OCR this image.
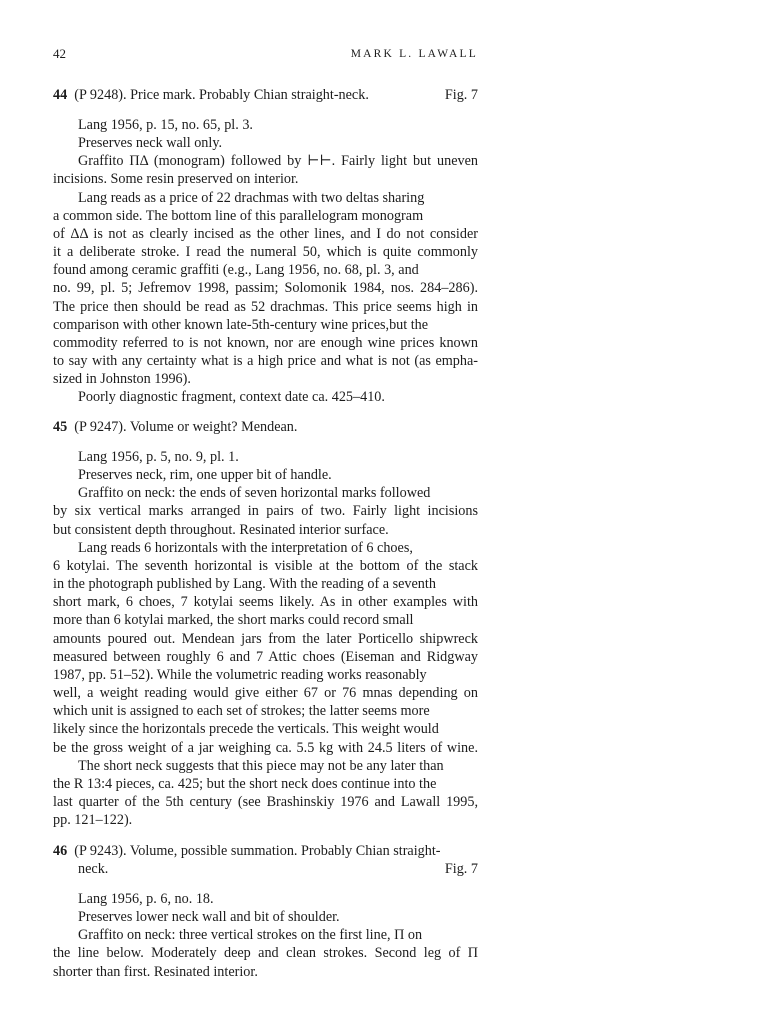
42	MARK L. LAWALL
44 (P 9248). Price mark. Probably Chian straight-neck.	Fig. 7
Lang 1956, p. 15, no. 65, pl. 3.
Preserves neck wall only.
Graffito ΠΔ (monogram) followed by ⊢⊢. Fairly light but uneven
incisions. Some resin preserved on interior.
Lang reads as a price of 22 drachmas with two deltas sharing
a common side. The bottom line of this parallelogram monogram
of ΔΔ is not as clearly incised as the other lines, and I do not consider
it a deliberate stroke. I read the numeral 50, which is quite commonly
found among ceramic graffiti (e.g., Lang 1956, no. 68, pl. 3, and
no. 99, pl. 5; Jefremov 1998, passim; Solomonik 1984, nos. 284–286).
The price then should be read as 52 drachmas. This price seems high in
comparison with other known late-5th-century wine prices,but the
commodity referred to is not known, nor are enough wine prices known
to say with any certainty what is a high price and what is not (as empha-
sized in Johnston 1996).
Poorly diagnostic fragment, context date ca. 425–410.
45 (P 9247). Volume or weight? Mendean.
Lang 1956, p. 5, no. 9, pl. 1.
Preserves neck, rim, one upper bit of handle.
Graffito on neck: the ends of seven horizontal marks followed
by six vertical marks arranged in pairs of two. Fairly light incisions
but consistent depth throughout. Resinated interior surface.
Lang reads 6 horizontals with the interpretation of 6 choes,
6 kotylai. The seventh horizontal is visible at the bottom of the stack
in the photograph published by Lang. With the reading of a seventh
short mark, 6 choes, 7 kotylai seems likely. As in other examples with
more than 6 kotylai marked, the short marks could record small
amounts poured out. Mendean jars from the later Porticello shipwreck
measured between roughly 6 and 7 Attic choes (Eiseman and Ridgway
1987, pp. 51–52). While the volumetric reading works reasonably
well, a weight reading would give either 67 or 76 mnas depending on
which unit is assigned to each set of strokes; the latter seems more
likely since the horizontals precede the verticals. This weight would
be the gross weight of a jar weighing ca. 5.5 kg with 24.5 liters of wine.
The short neck suggests that this piece may not be any later than
the R 13:4 pieces, ca. 425; but the short neck does continue into the
last quarter of the 5th century (see Brashinskiy 1976 and Lawall 1995,
pp. 121–122).
46 (P 9243). Volume, possible summation. Probably Chian straight-
neck.	Fig. 7
Lang 1956, p. 6, no. 18.
Preserves lower neck wall and bit of shoulder.
Graffito on neck: three vertical strokes on the first line, Π on
the line below. Moderately deep and clean strokes. Second leg of Π
shorter than first. Resinated interior.
